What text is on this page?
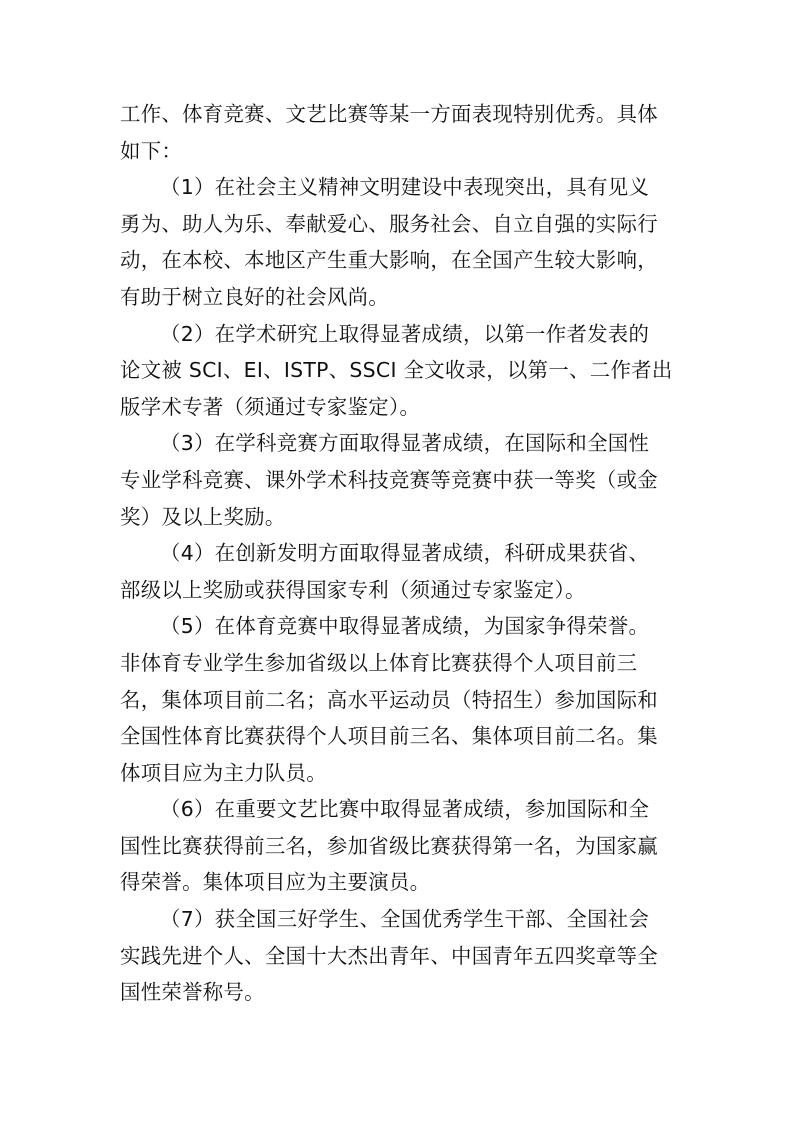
工作、体育竞赛、文艺比赛等某一方面表现特别优秀。具体
如下：
（1）在社会主义精神文明建设中表现突出，具有见义
勇为、助人为乐、奉献爱心、服务社会、自立自强的实际行
动，在本校、本地区产生重大影响，在全国产生较大影响，
有助于树立良好的社会风尚。
（2）在学术研究上取得显著成绩，以第一作者发表的
论文被 SCI、EI、ISTP、SSCI 全文收录，以第一、二作者出
版学术专著（须通过专家鉴定）。
（3）在学科竞赛方面取得显著成绩，在国际和全国性
专业学科竞赛、课外学术科技竞赛等竞赛中获一等奖（或金
奖）及以上奖励。
（4）在创新发明方面取得显著成绩，科研成果获省、
部级以上奖励或获得国家专利（须通过专家鉴定）。
（5）在体育竞赛中取得显著成绩，为国家争得荣誉。
非体育专业学生参加省级以上体育比赛获得个人项目前三
名，集体项目前二名；高水平运动员（特招生）参加国际和
全国性体育比赛获得个人项目前三名、集体项目前二名。集
体项目应为主力队员。
（6）在重要文艺比赛中取得显著成绩，参加国际和全
国性比赛获得前三名，参加省级比赛获得第一名，为国家赢
得荣誉。集体项目应为主要演员。
（7）获全国三好学生、全国优秀学生干部、全国社会
实践先进个人、全国十大杰出青年、中国青年五四奖章等全
国性荣誉称号。
